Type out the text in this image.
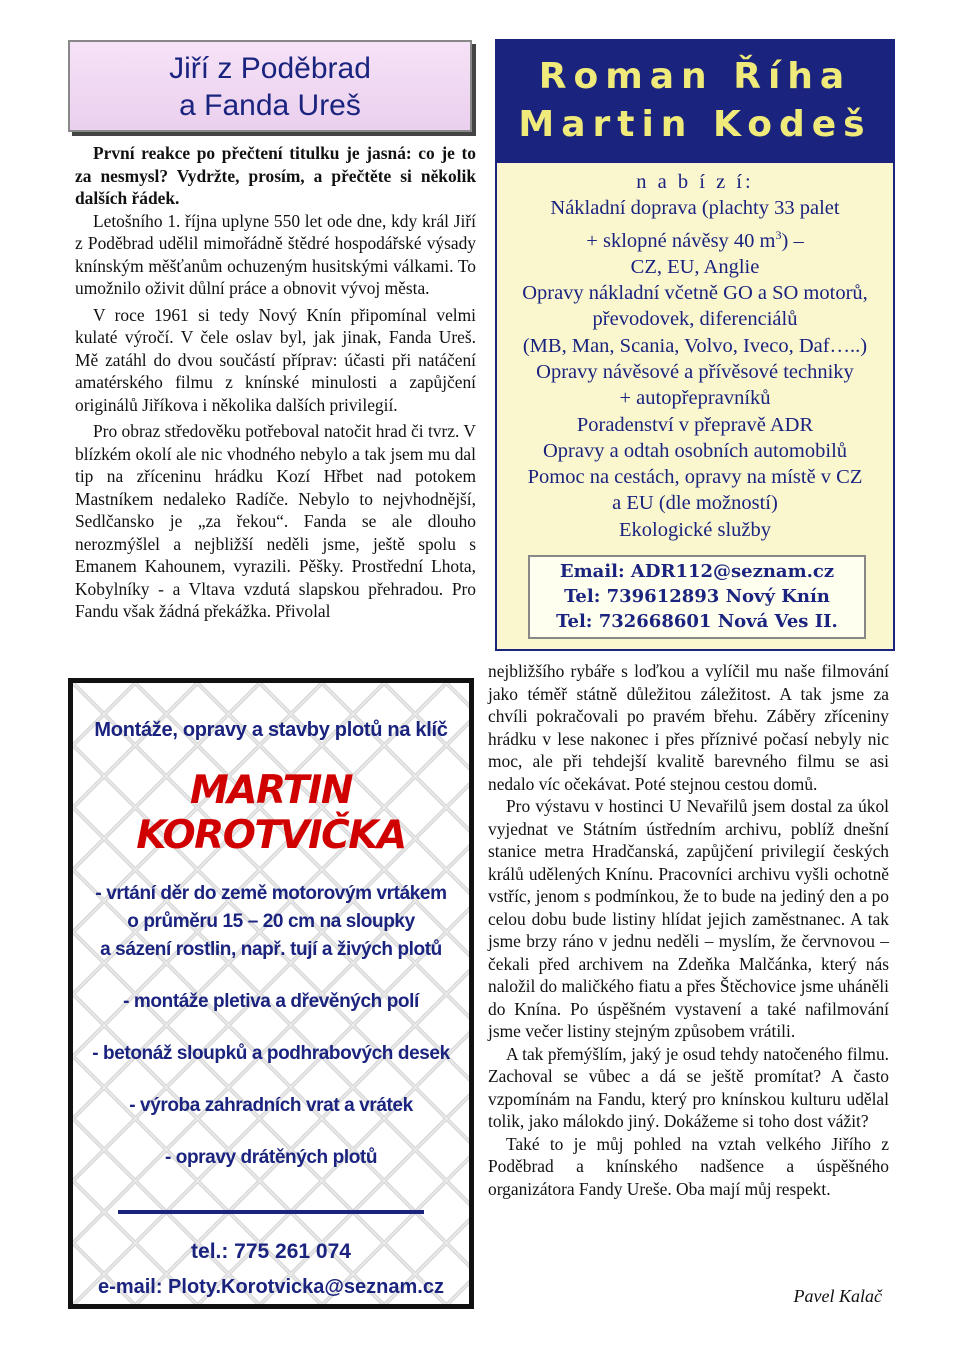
Jiří z Poděbrad
a Fanda Ureš

První reakce po přečtení titulku je jasná: co je to za nesmysl? Vydržte, prosím, a přečtěte si několik dalších řádek.

Letošního 1. října uplyne 550 let ode dne, kdy král Jiří z Poděbrad udělil mimořádně štědré hospodářské výsady knínským měšťanům ochuzeným husitskými válkami. To umožnilo oživit důlní práce a obnovit vývoj města.

V roce 1961 si tedy Nový Knín připomínal velmi kulaté výročí. V čele oslav byl, jak jinak, Fanda Ureš. Mě zatáhl do dvou součástí příprav: účasti při natáčení amatérského filmu z knínské minulosti a zapůjčení originálů Jiříkova i několika dalších privilegií.

Pro obraz středověku potřeboval natočit hrad či tvrz. V blízkém okolí ale nic vhodného nebylo a tak jsem mu dal tip na zříceninu hrádku Kozí Hřbet nad potokem Mastníkem nedaleko Radíče. Nebylo to nejvhodnější, Sedlčansko je „za řekou“. Fanda se ale dlouho nerozmýšlel a nejbližší neděli jsme, ještě spolu s Emanem Kahounem, vyrazili. Pěšky. Prostřední Lhota, Kobylníky - a Vltava vzdutá slapskou přehradou. Pro Fandu však žádná překážka. Přivolal

Roman Říha
Martin Kodeš
n a b í z í:
Nákladní doprava (plachty 33 palet
+ sklopné návěsy 40 $m^3$) –
CZ, EU, Anglie
Opravy nákladní včetně GO a SO motorů,
převodovek, diferenciálů
(MB, Man, Scania, Volvo, Iveco, Daf…..)
Opravy návěsové a přívěsové techniky
+ autopřepravníků
Poradenství v přepravě ADR
Opravy a odtah osobních automobilů
Pomoc na cestách, opravy na místě v CZ
a EU (dle možností)
Ekologické služby
Email: ADR112@seznam.cz
Tel: 739612893 Nový Knín
Tel: 732668601 Nová Ves II.
Montáže, opravy a stavby plotů na klíč
MARTIN KOROTVIČKA
- vrtání děr do země motorovým vrtákem
o průměru 15 – 20 cm na sloupky
a sázení rostlin, např. tují a živých plotů
- montáže pletiva a dřevěných polí
- betonáž sloupků a podhrabových desek
- výroba zahradních vrat a vrátek
- opravy drátěných plotů
tel.: 775 261 074
e-mail: Ploty.Korotvicka@seznam.cz

nejbližšího rybáře s loďkou a vylíčil mu naše filmování jako téměř státně důležitou záležitost. A tak jsme za chvíli pokračovali po pravém břehu. Záběry zříceniny hrádku v lese nakonec i přes příznivé počasí nebyly nic moc, ale při tehdejší kvalitě barevného filmu se asi nedalo víc očekávat. Poté stejnou cestou domů.

Pro výstavu v hostinci U Nevařilů jsem dostal za úkol vyjednat ve Státním ústředním archivu, poblíž dnešní stanice metra Hradčanská, zapůjčení privilegií českých králů udělených Knínu. Pracovníci archivu vyšli ochotně vstříc, jenom s podmínkou, že to bude na jediný den a po celou dobu bude listiny hlídat jejich zaměstnanec. A tak jsme brzy ráno v jednu neděli – myslím, že červnovou – čekali před archivem na Zdeňka Malčánka, který nás naložil do maličkého fiatu a přes Štěchovice jsme uháněli do Knína. Po úspěšném vystavení a také nafilmování jsme večer listiny stejným způsobem vrátili.

A tak přemýšlím, jaký je osud tehdy natočeného filmu. Zachoval se vůbec a dá se ještě promítat? A často vzpomínám na Fandu, který pro knínskou kulturu udělal tolik, jako málokdo jiný. Dokážeme si toho dost vážit?

Také to je můj pohled na vztah velkého Jiřího z Poděbrad a knínského nadšence a úspěšného organizátora Fandy Ureše. Oba mají můj respekt.

Pavel Kalač
